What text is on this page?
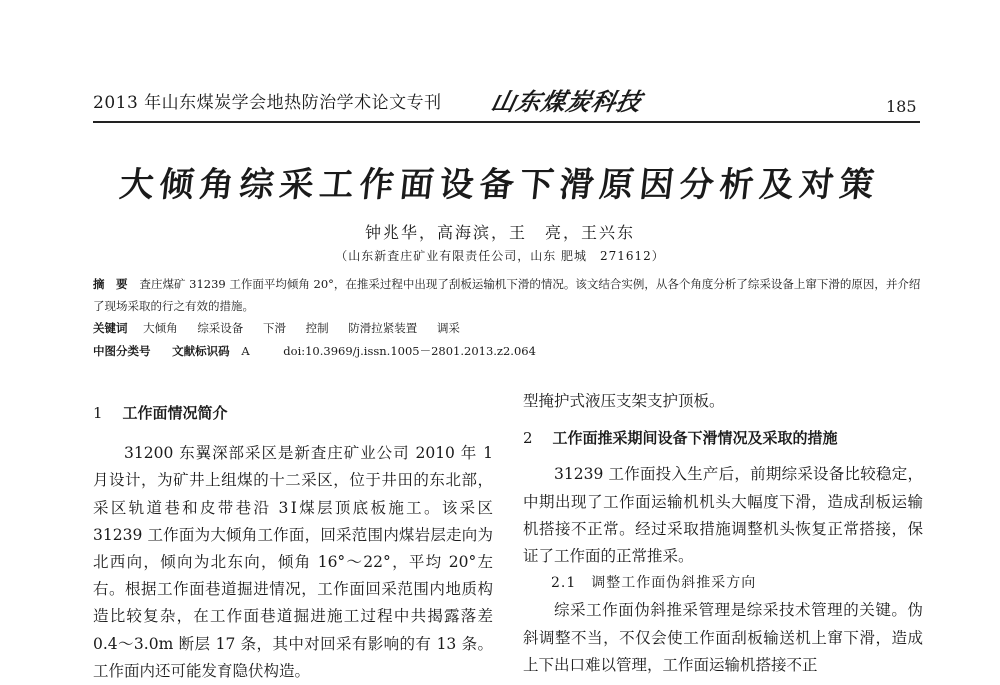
2013 年山东煤炭学会地热防治学术论文专刊 山东煤炭科技	185
大倾角综采工作面设备下滑原因分析及对策
钟兆华，高海滨，王　亮，王兴东
（山东新査庄矿业有限责任公司，山东 肥城　271612）
摘　要 査庄煤矿 31239 工作面平均倾角 20°，在推采过程中出现了刮板运输机下滑的情况。该文结合实例，从各个角度分析了综采设备上窜下滑的原因，并介绍了现场采取的行之有效的措施。
关键词 大倾角 综采设备 下滑 控制 防滑拉紧装置 调采
中图分类号 文献标识码 A	doi:10.3969/j.issn.1005－2801.2013.z2.064
1 工作面情况简介

31200 东翼深部采区是新査庄矿业公司 2010 年 1 月设计，为矿井上组煤的十二采区，位于井田的东北部，采区轨道巷和皮带巷沿 3Ⅰ煤层顶底板施工。该采区 31239 工作面为大倾角工作面，回采范围内煤岩层走向为北西向，倾向为北东向，倾角 16°～22°，平均 20°左右。根据工作面巷道掘进情况，工作面回采范围内地质构造比较复杂，在工作面巷道掘进施工过程中共揭露落差 0.4～3.0m 断层 17 条，其中对回采有影响的有 13 条。工作面内还可能发育隐伏构造。

型掩护式液压支架支护顶板。
2 工作面推采期间设备下滑情况及采取的措施

31239 工作面投入生产后，前期综采设备比较稳定，中期出现了工作面运输机机头大幅度下滑，造成刮板运输机搭接不正常。经过采取措施调整机头恢复正常搭接，保证了工作面的正常推采。

2.1　调整工作面伪斜推采方向

综采工作面伪斜推采管理是综采技术管理的关键。伪斜调整不当，不仅会使工作面刮板输送机上窜下滑，造成上下出口难以管理，工作面运输机搭接不正
